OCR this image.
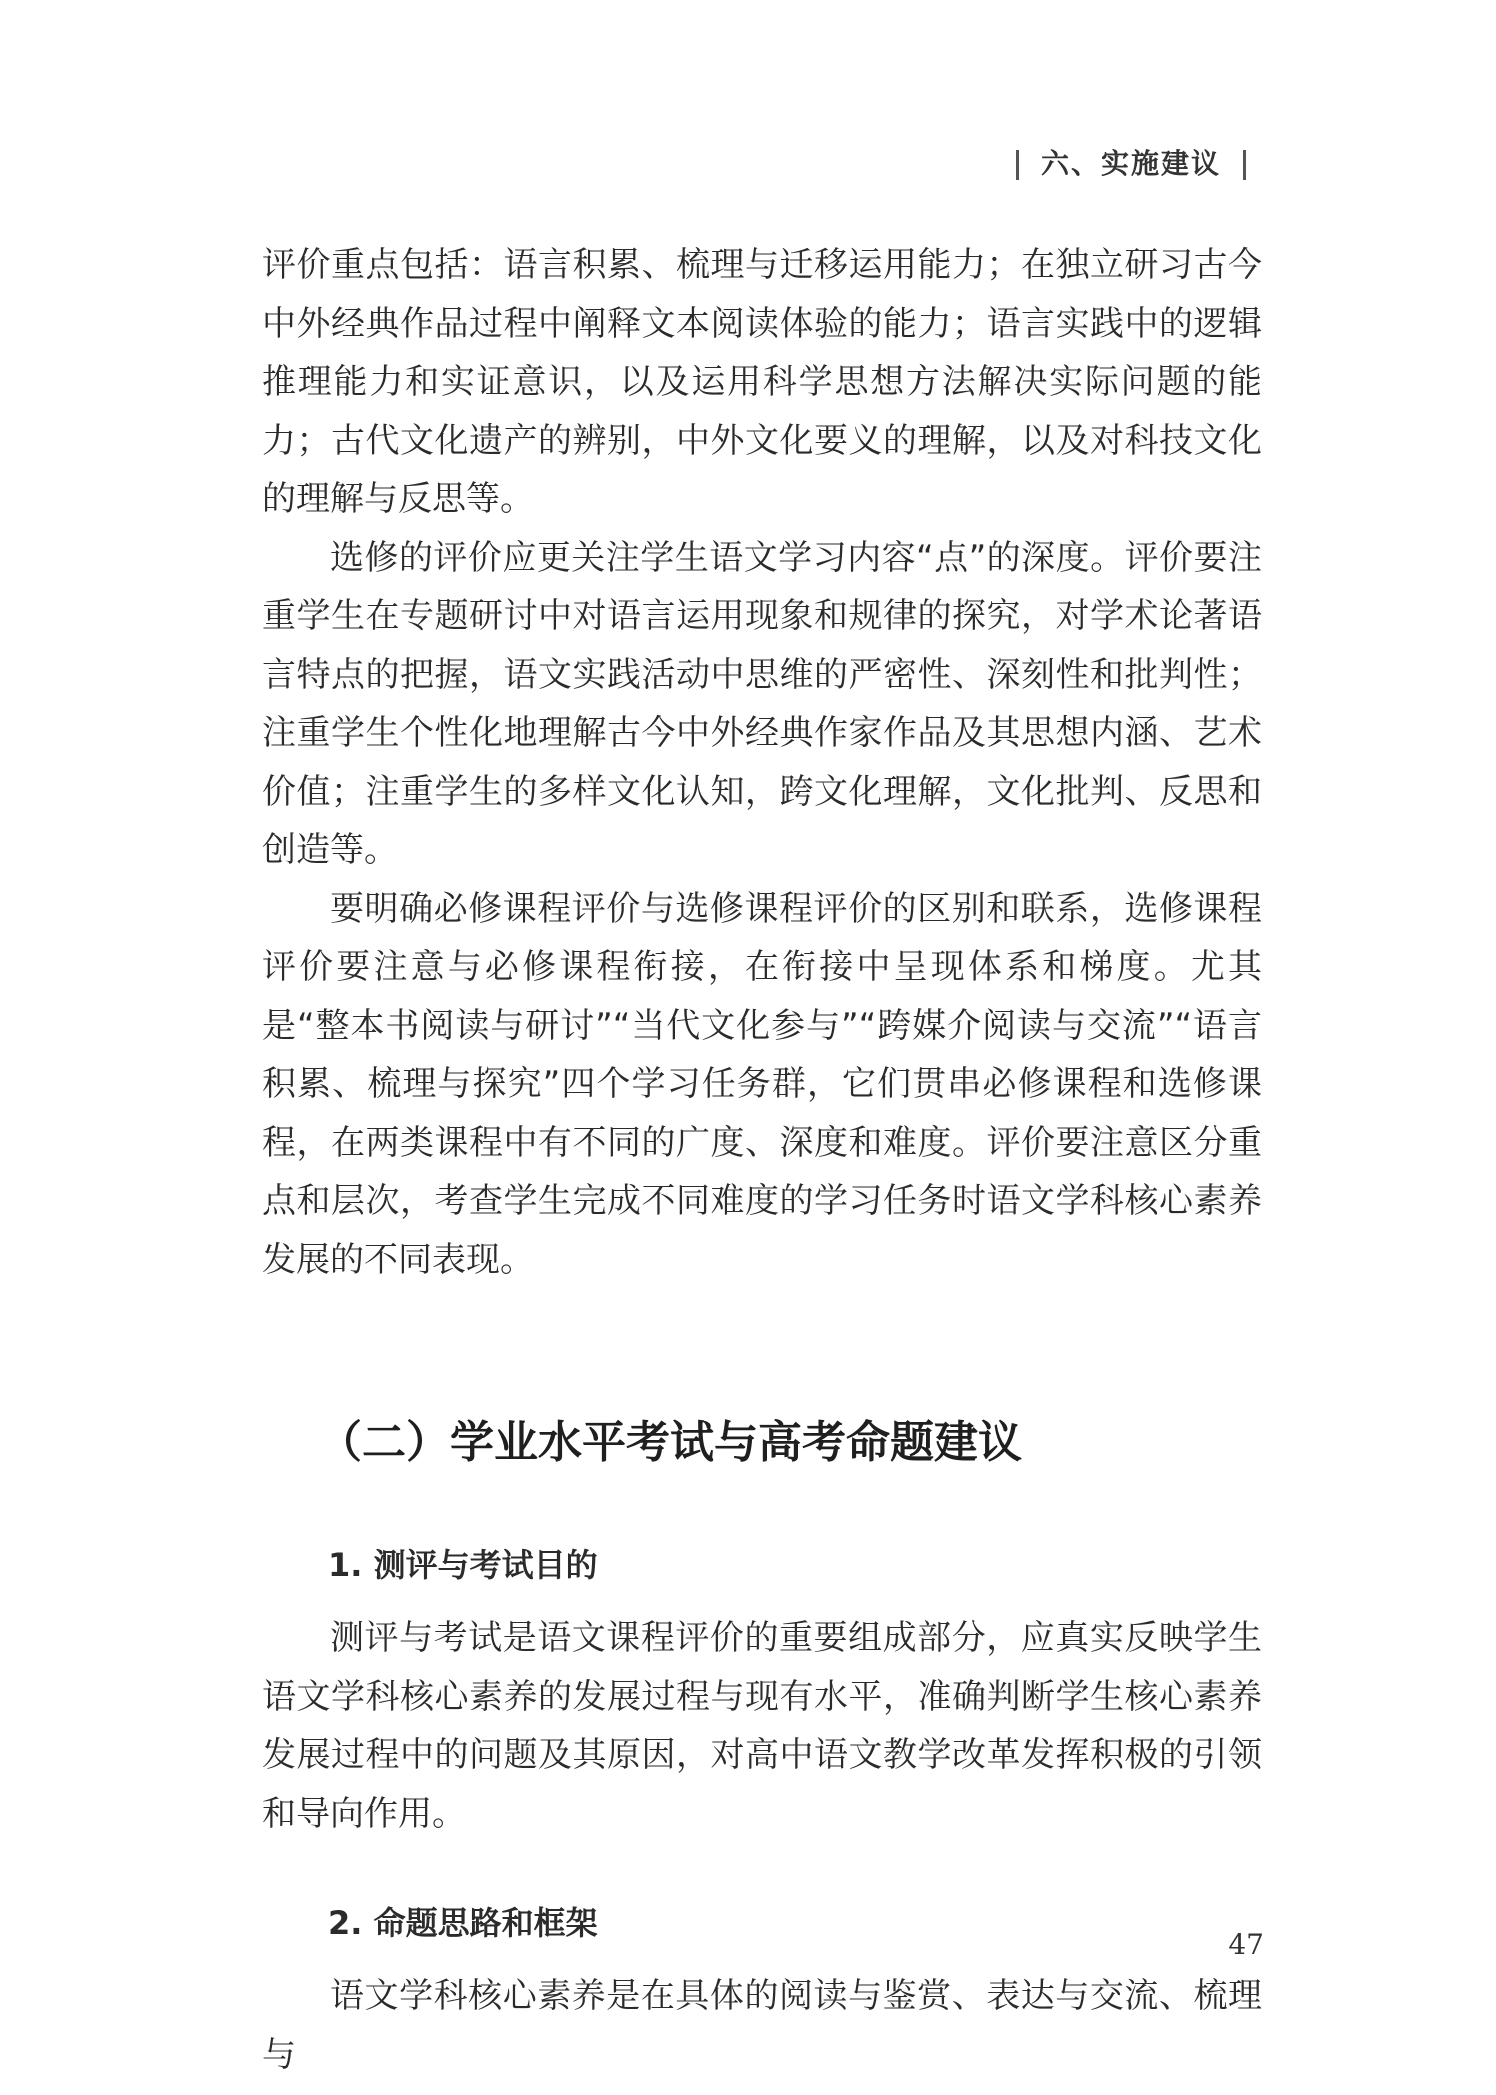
六、实施建议

评价重点包括：语言积累、梳理与迁移运用能力；在独立研习古今中外经典作品过程中阐释文本阅读体验的能力；语言实践中的逻辑推理能力和实证意识，以及运用科学思想方法解决实际问题的能力；古代文化遗产的辨别，中外文化要义的理解，以及对科技文化的理解与反思等。

选修的评价应更关注学生语文学习内容“点”的深度。评价要注重学生在专题研讨中对语言运用现象和规律的探究，对学术论著语言特点的把握，语文实践活动中思维的严密性、深刻性和批判性；注重学生个性化地理解古今中外经典作家作品及其思想内涵、艺术价值；注重学生的多样文化认知，跨文化理解，文化批判、反思和创造等。

要明确必修课程评价与选修课程评价的区别和联系，选修课程评价要注意与必修课程衔接，在衔接中呈现体系和梯度。尤其是“整本书阅读与研讨”“当代文化参与”“跨媒介阅读与交流”“语言积累、梳理与探究”四个学习任务群，它们贯串必修课程和选修课程，在两类课程中有不同的广度、深度和难度。评价要注意区分重点和层次，考查学生完成不同难度的学习任务时语文学科核心素养发展的不同表现。

（二）学业水平考试与高考命题建议
1. 测评与考试目的

测评与考试是语文课程评价的重要组成部分，应真实反映学生语文学科核心素养的发展过程与现有水平，准确判断学生核心素养发展过程中的问题及其原因，对高中语文教学改革发挥积极的引领和导向作用。

2. 命题思路和框架

语文学科核心素养是在具体的阅读与鉴赏、表达与交流、梳理与

47
